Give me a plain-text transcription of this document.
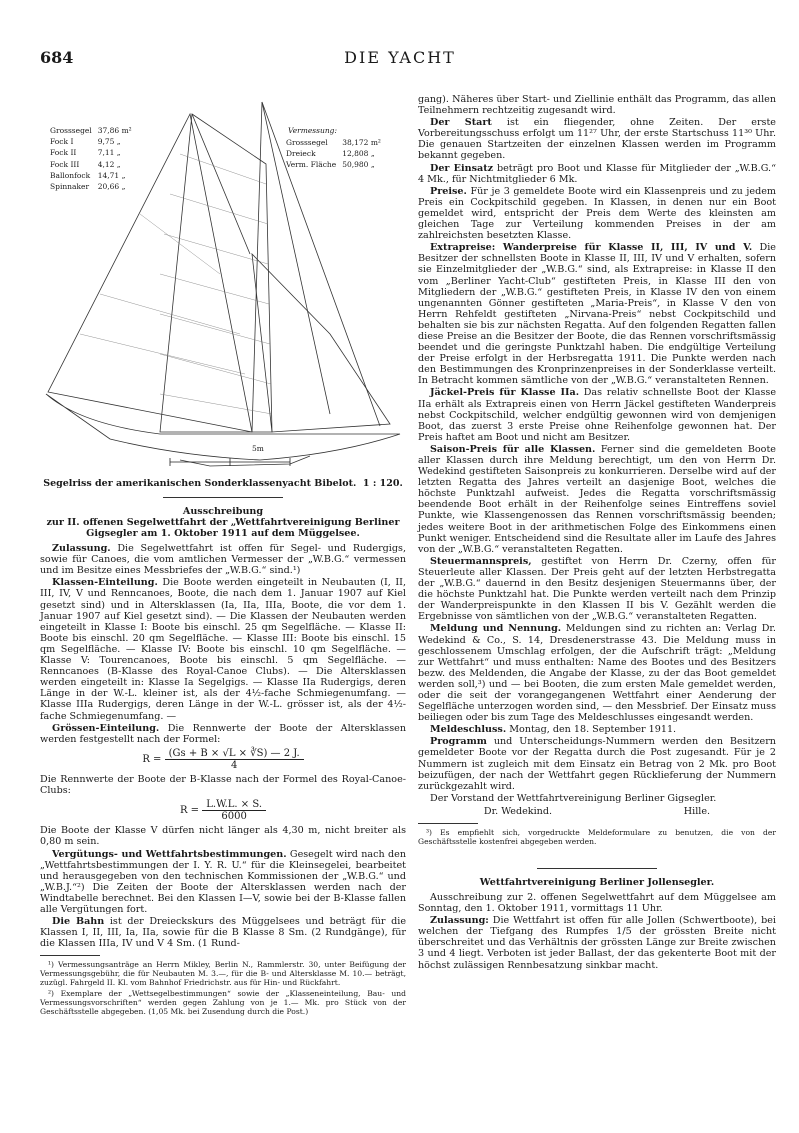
684	DIE YACHT
Grosssegel	37,86 m²
Fock I	9,75 „
Fock II	7,11 „
Fock III	4,12 „
Ballonfock	14,71 „
Spinnaker	20,66 „
Vermessung:
Grosssegel	38,172 m²
Dreieck	12,808 „
Verm. Fläche	50,980 „
5m
Segelriss der amerikanischen Sonderklassenyacht Bibelot. 1 : 120.
Ausschreibung
zur II. offenen Segelwettfahrt der „Wettfahrtvereinigung Berliner Gigsegler am 1. Oktober 1911 auf dem Müggelsee.

Zulassung. Die Segelwettfahrt ist offen für Segel- und Rudergigs, sowie für Canoes, die vom amtlichen Vermesser der „W.B.G.“ vermessen und im Besitze eines Messbriefes der „W.B.G.“ sind.¹)

Klassen-Einteilung. Die Boote werden eingeteilt in Neubauten (I, II, III, IV, V und Renncanoes, Boote, die nach dem 1. Januar 1907 auf Kiel gesetzt sind) und in Altersklassen (Ia, IIa, IIIa, Boote, die vor dem 1. Januar 1907 auf Kiel gesetzt sind). — Die Klassen der Neubauten werden eingeteilt in Klasse I: Boote bis einschl. 25 qm Segelfläche. — Klasse II: Boote bis einschl. 20 qm Segelfläche. — Klasse III: Boote bis einschl. 15 qm Segelfläche. — Klasse IV: Boote bis einschl. 10 qm Segelfläche. — Klasse V: Tourencanoes, Boote bis einschl. 5 qm Segelfläche. — Renncanoes (B-Klasse des Royal-Canoe Clubs). — Die Altersklassen werden eingeteilt in: Klasse Ia Segelgigs. — Klasse IIa Rudergigs, deren Länge in der W.-L. kleiner ist, als der 4½-fache Schmiegenumfang. — Klasse IIIa Rudergigs, deren Länge in der W.-L. grösser ist, als der 4½-fache Schmiegenumfang. —

Grössen-Einteilung. Die Rennwerte der Boote der Altersklassen werden festgestellt nach der Formel:

$R = \frac{(Gs + B \times √L \times ∛S) — 2 J.}{4}$

Die Rennwerte der Boote der B-Klasse nach der Formel des Royal-Canoe-Clubs:

$R = \frac{L.W.L. \times S.}{6000}$

Die Boote der Klasse V dürfen nicht länger als 4,30 m, nicht breiter als 0,80 m sein.

Vergütungs- und Wettfahrtsbestimmungen. Gesegelt wird nach den „Wettfahrtsbestimmungen der I. Y. R. U.“ für die Kleinsegelei, bearbeitet und herausgegeben von den technischen Kommissionen der „W.B.G.“ und „W.B.J.“²) Die Zeiten der Boote der Altersklassen werden nach der Windtabelle berechnet. Bei den Klassen I—V, sowie bei der B-Klasse fallen alle Vergütungen fort.

Die Bahn ist der Dreieckskurs des Müggelsees und beträgt für die Klassen I, II, III, Ia, IIa, sowie für die B Klasse 8 Sm. (2 Rundgänge), für die Klassen IIIa, IV und V 4 Sm. (1 Rund-

¹) Vermessungsanträge an Herrn Mikley, Berlin N., Rammlerstr. 30, unter Beifügung der Vermessungsgebühr, die für Neubauten M. 3.—, für die B- und Altersklasse M. 10.— beträgt, zuzügl. Fahrgeld II. Kl. vom Bahnhof Friedrichstr. aus für Hin- und Rückfahrt.

²) Exemplare der „Wettsegelbestimmungen“ sowie der „Klasseneinteilung, Bau- und Vermessungsvorschriften“ werden gegen Zahlung von je 1.— Mk. pro Stück von der Geschäftsstelle abgegeben. (1,05 Mk. bei Zusendung durch die Post.)

gang). Näheres über Start- und Ziellinie enthält das Programm, das allen Teilnehmern rechtzeitig zugesandt wird.

Der Start ist ein fliegender, ohne Zeiten. Der erste Vorbereitungsschuss erfolgt um 11²⁷ Uhr, der erste Startschuss 11³⁰ Uhr. Die genauen Startzeiten der einzelnen Klassen werden im Programm bekannt gegeben.

Der Einsatz beträgt pro Boot und Klasse für Mitglieder der „W.B.G.“ 4 Mk., für Nichtmitglieder 6 Mk.

Preise. Für je 3 gemeldete Boote wird ein Klassenpreis und zu jedem Preis ein Cockpitschild gegeben. In Klassen, in denen nur ein Boot gemeldet wird, entspricht der Preis dem Werte des kleinsten am gleichen Tage zur Verteilung kommenden Preises in der am zahlreichsten besetzten Klasse.

Extrapreise: Wanderpreise für Klasse II, III, IV und V. Die Besitzer der schnellsten Boote in Klasse II, III, IV und V erhalten, sofern sie Einzelmitglieder der „W.B.G.“ sind, als Extrapreise: in Klasse II den vom „Berliner Yacht-Club“ gestifteten Preis, in Klasse III den von Mitgliedern der „W.B.G.“ gestifteten Preis, in Klasse IV den von einem ungenannten Gönner gestifteten „Maria-Preis“, in Klasse V den von Herrn Rehfeldt gestifteten „Nirvana-Preis“ nebst Cockpitschild und behalten sie bis zur nächsten Regatta. Auf den folgenden Regatten fallen diese Preise an die Besitzer der Boote, die das Rennen vorschriftsmässig beendet und die geringste Punktzahl haben. Die endgültige Verteilung der Preise erfolgt in der Herbsregatta 1911. Die Punkte werden nach den Bestimmungen des Kronprinzenpreises in der Sonderklasse verteilt. In Betracht kommen sämtliche von der „W.B.G.“ veranstalteten Rennen.

Jäckel-Preis für Klasse IIa. Das relativ schnellste Boot der Klasse IIa erhält als Extrapreis einen von Herrn Jäckel gestifteten Wanderpreis nebst Cockpitschild, welcher endgültig gewonnen wird von demjenigen Boot, das zuerst 3 erste Preise ohne Reihenfolge gewonnen hat. Der Preis haftet am Boot und nicht am Besitzer.

Saison-Preis für alle Klassen. Ferner sind die gemeldeten Boote aller Klassen durch ihre Meldung berechtigt, um den von Herrn Dr. Wedekind gestifteten Saisonpreis zu konkurrieren. Derselbe wird auf der letzten Regatta des Jahres verteilt an dasjenige Boot, welches die höchste Punktzahl aufweist. Jedes die Regatta vorschriftsmässig beendende Boot erhält in der Reihenfolge seines Eintreffens soviel Punkte, wie Klassengenossen das Rennen vorschriftsmässig beenden; jedes weitere Boot in der arithmetischen Folge des Einkommens einen Punkt weniger. Entscheidend sind die Resultate aller im Laufe des Jahres von der „W.B.G.“ veranstalteten Regatten.

Steuermannspreis, gestiftet von Herrn Dr. Czerny, offen für Steuerleute aller Klassen. Der Preis geht auf der letzten Herbstregatta der „W.B.G.“ dauernd in den Besitz desjenigen Steuermanns über, der die höchste Punktzahl hat. Die Punkte werden verteilt nach dem Prinzip der Wanderpreispunkte in den Klassen II bis V. Gezählt werden die Ergebnisse von sämtlichen von der „W.B.G.“ veranstalteten Regatten.

Meldung und Nennung. Meldungen sind zu richten an: Verlag Dr. Wedekind & Co., S. 14, Dresdenerstrasse 43. Die Meldung muss in geschlossenem Umschlag erfolgen, der die Aufschrift trägt: „Meldung zur Wettfahrt“ und muss enthalten: Name des Bootes und des Besitzers bezw. des Meldenden, die Angabe der Klasse, zu der das Boot gemeldet werden soll,³) und — bei Booten, die zum ersten Male gemeldet werden, oder die seit der vorangegangenen Wettfahrt einer Aenderung der Segelfläche unterzogen worden sind, — den Messbrief. Der Einsatz muss beiliegen oder bis zum Tage des Meldeschlusses eingesandt werden.

Meldeschluss. Montag, den 18. September 1911.

Programm und Unterscheidungs-Nummern werden den Besitzern gemeldeter Boote vor der Regatta durch die Post zugesandt. Für je 2 Nummern ist zugleich mit dem Einsatz ein Betrag von 2 Mk. pro Boot beizufügen, der nach der Wettfahrt gegen Rücklieferung der Nummern zurückgezahlt wird.

Der Vorstand der Wettfahrtvereinigung Berliner Gigsegler.

Dr. Wedekind.	Hille.

³) Es empfiehlt sich, vorgedruckte Meldeformulare zu benutzen, die von der Geschäftsstelle kostenfrei abgegeben werden.

Wettfahrtvereinigung Berliner Jollensegler.

Ausschreibung zur 2. offenen Segelwettfahrt auf dem Müggelsee am Sonntag, den 1. Oktober 1911, vormittags 11 Uhr.

Zulassung: Die Wettfahrt ist offen für alle Jollen (Schwertboote), bei welchen der Tiefgang des Rumpfes 1/5 der grössten Breite nicht überschreitet und das Verhältnis der grössten Länge zur Breite zwischen 3 und 4 liegt. Verboten ist jeder Ballast, der das gekenterte Boot mit der höchst zulässigen Rennbesatzung sinkbar macht.
